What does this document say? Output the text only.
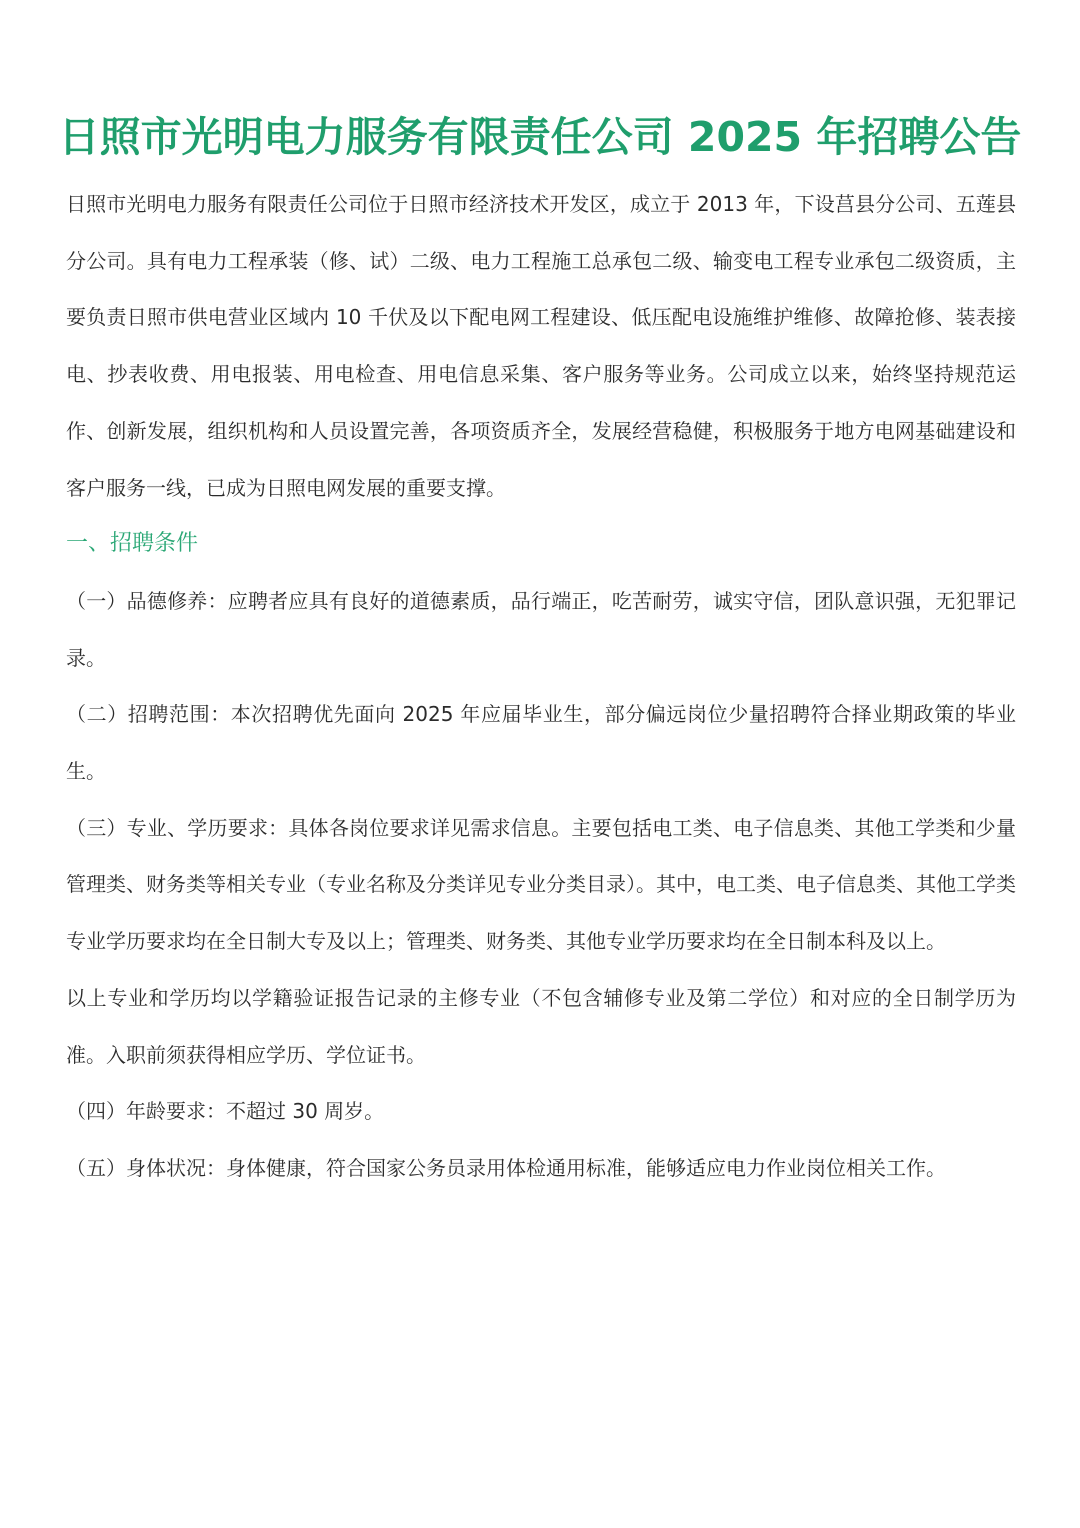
日照市光明电力服务有限责任公司 2025 年招聘公告

日照市光明电力服务有限责任公司位于日照市经济技术开发区，成立于 2013 年，下设莒县分公司、五莲县分公司。具有电力工程承装（修、试）二级、电力工程施工总承包二级、输变电工程专业承包二级资质，主要负责日照市供电营业区域内 10 千伏及以下配电网工程建设、低压配电设施维护维修、故障抢修、装表接电、抄表收费、用电报装、用电检查、用电信息采集、客户服务等业务。公司成立以来，始终坚持规范运作、创新发展，组织机构和人员设置完善，各项资质齐全，发展经营稳健，积极服务于地方电网基础建设和客户服务一线，已成为日照电网发展的重要支撑。

一、招聘条件

（一）品德修养：应聘者应具有良好的道德素质，品行端正，吃苦耐劳，诚实守信，团队意识强，无犯罪记录。

（二）招聘范围：本次招聘优先面向 2025 年应届毕业生，部分偏远岗位少量招聘符合择业期政策的毕业生。

（三）专业、学历要求：具体各岗位要求详见需求信息。主要包括电工类、电子信息类、其他工学类和少量管理类、财务类等相关专业（专业名称及分类详见专业分类目录）。其中，电工类、电子信息类、其他工学类专业学历要求均在全日制大专及以上；管理类、财务类、其他专业学历要求均在全日制本科及以上。

以上专业和学历均以学籍验证报告记录的主修专业（不包含辅修专业及第二学位）和对应的全日制学历为准。入职前须获得相应学历、学位证书。

（四）年龄要求：不超过 30 周岁。

（五）身体状况：身体健康，符合国家公务员录用体检通用标准，能够适应电力作业岗位相关工作。
